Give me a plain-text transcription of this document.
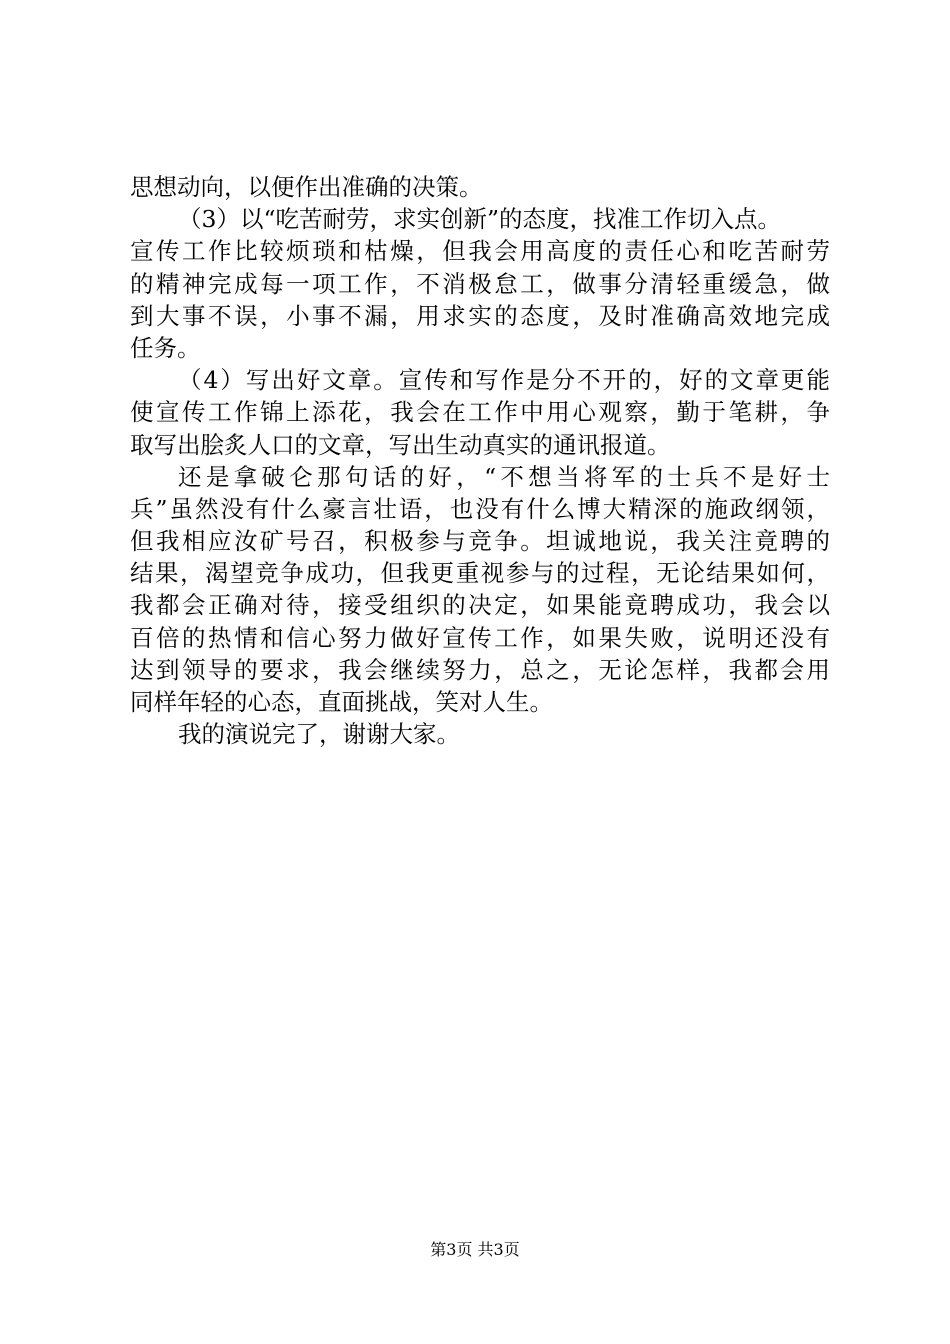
思想动向，以便作出准确的决策。
（3）以“吃苦耐劳，求实创新”的态度，找准工作切入点。
宣传工作比较烦琐和枯燥，但我会用高度的责任心和吃苦耐劳
的精神完成每一项工作，不消极怠工，做事分清轻重缓急，做
到大事不误，小事不漏，用求实的态度，及时准确高效地完成
任务。
（4）写出好文章。宣传和写作是分不开的，好的文章更能
使宣传工作锦上添花，我会在工作中用心观察，勤于笔耕，争
取写出脍炙人口的文章，写出生动真实的通讯报道。
还是拿破仑那句话的好，“不想当将军的士兵不是好士
兵”虽然没有什么豪言壮语，也没有什么博大精深的施政纲领，
但我相应汝矿号召，积极参与竞争。坦诚地说，我关注竟聘的
结果，渴望竞争成功，但我更重视参与的过程，无论结果如何，
我都会正确对待，接受组织的决定，如果能竟聘成功，我会以
百倍的热情和信心努力做好宣传工作，如果失败，说明还没有
达到领导的要求，我会继续努力，总之，无论怎样，我都会用
同样年轻的心态，直面挑战，笑对人生。
我的演说完了，谢谢大家。
第3页 共3页
